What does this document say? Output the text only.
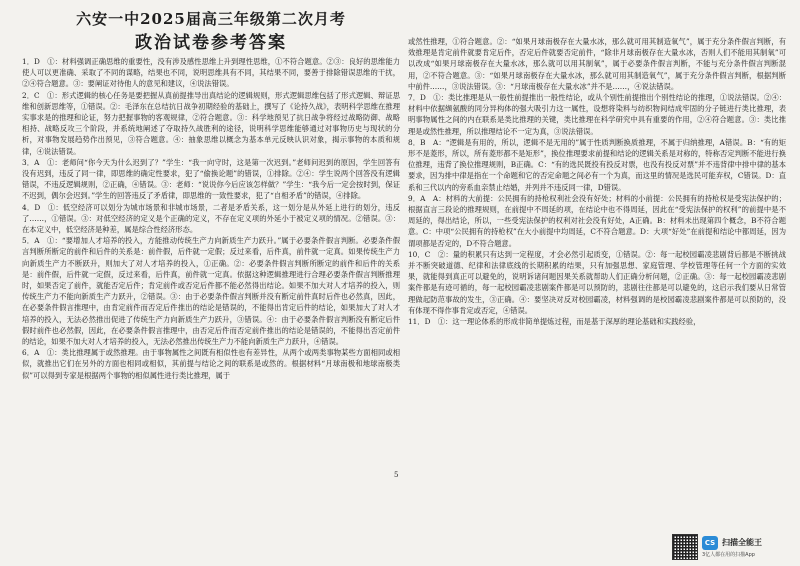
六安一中2025届高三年级第二次月考
政治试卷参考答案

1．D　①：材料强调正确思维的重要性，没有涉及感性思维上升到理性思维，①不符合题意。②③：良好的思维能力使人可以更准确、采取了不同的谋略，结果也不同，说明思维具有不同，其结果不同，要善于排除错误思维的干扰，②④符合题意。③：要阐证对待他人的意见和建议，④说法错误。

2．C　①：形式逻辑的核心任务是要把握从真前提推导出真结论的逻辑规则，形式逻辑思维包括了形式逻辑、辩证思维和创新思维等，①错误。②：毛泽东在总结抗日战争初期经验的基础上，撰写了《论持久战》，表明科学思维在推理实事求是的推理和论证，努力把握事物的客观规律，②符合题意。③：科学地预见了抗日战争将经过战略防御、战略相持、战略反攻三个阶段，并系统地阐述了夺取持久战胜利的途径，说明科学思维能够通过对事物历史与现状的分析，对事物发展趋势作出预见，③符合题意。④：抽象思维以概念为基本单元反映认识对象，揭示事物的本质和规律，④说法错误。

3．A　①：老师问“你今天为什么迟到了？”学生：“我一向守时，这是第一次迟到。”老师问迟到的原因，学生回答有没有迟到，违反了同一律，即思维的确定性要求，犯了“偷换论题”的错误，①排除。②④：学生说两个回答没有逻辑错误，不违反逻辑规则，②正确，④错误。③：老师：“说说你今后应该怎样做？”学生：“我今后一定会按时到，保证不迟到，偶尔会迟到。”学生的回答违反了矛盾律，即思维的一致性要求，犯了“自相矛盾”的错误，④排除。

4．D　①：低空经济可以划分为城市场景和非城市场景，二者是矛盾关系，这一划分是从外延上进行的划分，违反了……，①错误。③：对低空经济的定义是个正确的定义，不存在定义项的外延小于被定义项的情况。②错误。③：在本定义中，低空经济是种差，属是综合性经济形态。

5．A　①：“要增加人才培养的投入，方能推动传统生产力向新质生产力跃升。”属于必要条件假言判断。必要条件假言判断所断定的前件和后件的关系是：前件假，后件就一定假；反过来看，后件真，前件就一定真。如果传统生产力向新质生产力不断跃升，则加大了对人才培养的投入，①正确。②：必要条件假言判断所断定的前件和后件的关系是：前件假，后件就一定假，反过来看，后件真，前件就一定真。依据这种逻辑推理进行合理必要条件假言判断推理时，如果否定了前件，就能否定后件；肯定前件或否定后件都不能必然得出结论。如果不加大对人才培养的投入，则传统生产力不能向新质生产力跃升，②错误。③：由于必要条件假言判断并没有断定前件真时后件也必然真，因此，在必要条件假言推理中，由肯定前件而否定后件推出的结论是错误的，不能得出肯定后件的结论，如果加大了对人才培养的投入，无法必然推出促进了传统生产力向新质生产力跃升，③错误。④：由于必要条件假言判断没有断定后件假时前件也必然假，因此，在必要条件假言推理中，由否定后件而否定前件推出的结论是错误的，不能得出否定前件的结论，如果不加大对人才培养的投入，无法必然推出传统生产力不能向新质生产力跃升，④错误。

6．A　①：类比推理属于或然推理。由于事物属性之间既有相似性也有差异性，从两个或两类事物某些方面相同或相似，就推出它们在另外的方面也相同或相似，其前提与结论之间的联系是或然的。根据材料“月球南极和地球南极类似”可以得到专家是根据两个事物的相似属性进行类比推理，属于

5

或然性推理，①符合题意。②：“如果月球南极存在大量水冰，那么就可用其制造氧气”，属于充分条件假言判断，有效推理是肯定前件就要肯定后件，否定后件就要否定前件，“除非月球南极存在大量水冰，否则人们不能用其制氧”可以改成“如果月球南极存在大量水冰，那么就可以用其制氧”，属于必要条件假言判断，不能与充分条件假言判断混用，②不符合题意。③：“如果月球南极存在大量水冰，那么就可用其制造氧气”，属于充分条件假言判断，根据判断中前件……，③说法错误。③：“月球南极存在大量水冰”并不是……，④说法错误。

7．D　①：类比推理是从一般性前提推出一般性结论，或从个别性前提推出个别性结论的推理，①说法错误。②④：材料中依据缬氨酸的同分异构体的强大吸引力这一属性，设想将染料与纺织物间结成牢固的分子链进行类比推理，表明事物属性之间的内在联系是类比推理的关键，类比推理在科学研究中具有重要的作用，②④符合题意。③：类比推理是或然性推理，所以推理结论不一定为真，③说法错误。

8．B　A：“逻辑是有用的，所以，逻辑不是无用的”属于性质判断换质推理，不属于归纳推理，A错误。B：“有的矩形不是菱形，所以，所有菱形都不是矩形”，换位推理要求前提和结论的逻辑关系是对称的，特称否定判断不能进行换位推理，违背了换位推理规则，B正确。C：“有的选民既投有投反对票，也没有投反对票”并不违背律中排中律的基本要求，因为排中律是指在一个命题和它的否定命题之间必有一个为真，而这里的情况是选民可能弃权，C错误。D：直系和三代以内的旁系血亲禁止结婚，并列并不违反同一律，D错误。

9．A　A：材料的大前提：公民拥有的持枪权利社会没有好处；材料的小前提：公民拥有的持枪权是受宪法保护的；根据直言三段论的推理规则，在前提中不周延的项，在结论中也不得周延，因此在“受宪法保护的权利”的前提中是不周延的，得出结论，所以，一些受宪法保护的权利对社会没有好处，A正确。B：材料未出现第四个概念，B不符合题意。C：中项“公民拥有的持枪权”在大小前提中均周延，C不符合题意。D：大项“好处”在前提和结论中都周延，因为谓项都是否定的，D不符合题意。

10．C　②：量的积累只有达到一定程度，才会必然引起质变，①错误。②：每一起校园霸凌悲剧背后都是不断挑战并不断突破道德、纪律和法律底线的长期积累的结果，只有加强思想、家庭管理、学校管理等任何一个方面的实效果，就能得到真正可以避免的，说明诉诸问题因果关系就帮助人们正确分析问题，②正确。③：每一起校园霸凌悲剧案件都是有迹可循的，每一起校园霸凌悲剧案件都是可以预防的，悲剧往往都是可以避免的，这启示我们要从日常管理做起防范事故的发生，③正确。④：要坚决对反对校园霸凌，材料强调的是校园霸凌悲剧案件都是可以预防的，没有体现不得作事肯定或否定，④错误。

11．D　①：这一理论体系的形成非简单提炼过程，而是基于深厚的理论基础和实践经验，

CS 扫描全能王
3亿人都在用的扫描App
